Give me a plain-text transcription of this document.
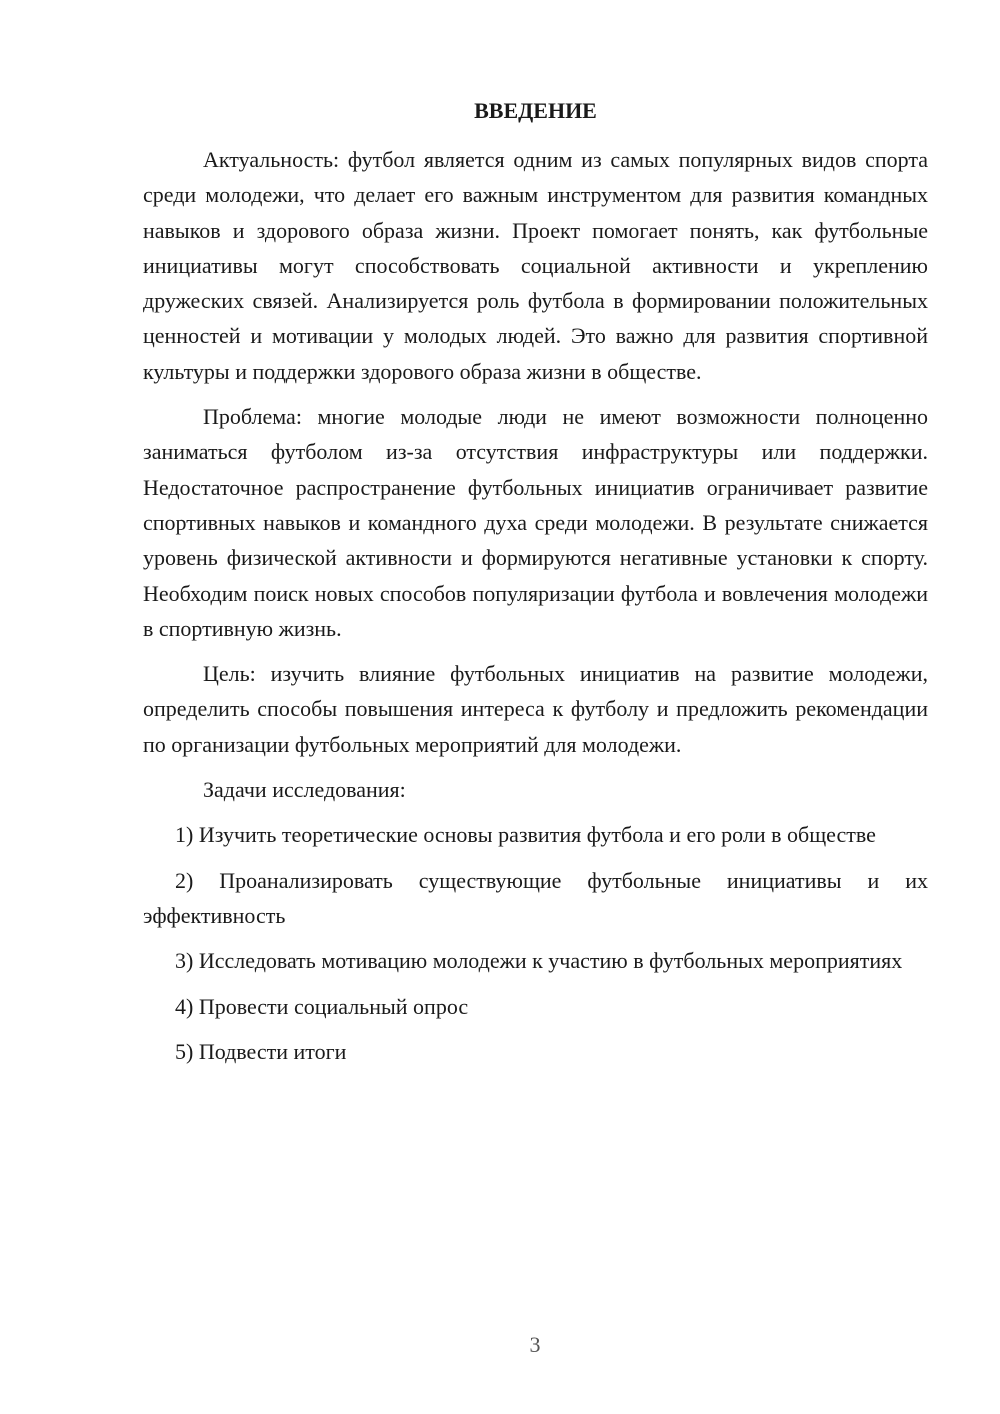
ВВЕДЕНИЕ

Актуальность: футбол является одним из самых популярных видов спорта среди молодежи, что делает его важным инструментом для развития командных навыков и здорового образа жизни. Проект помогает понять, как футбольные инициативы могут способствовать социальной активности и укреплению дружеских связей. Анализируется роль футбола в формировании положительных ценностей и мотивации у молодых людей. Это важно для развития спортивной культуры и поддержки здорового образа жизни в обществе.

Проблема: многие молодые люди не имеют возможности полноценно заниматься футболом из-за отсутствия инфраструктуры или поддержки. Недостаточное распространение футбольных инициатив ограничивает развитие спортивных навыков и командного духа среди молодежи. В результате снижается уровень физической активности и формируются негативные установки к спорту. Необходим поиск новых способов популяризации футбола и вовлечения молодежи в спортивную жизнь.

Цель: изучить влияние футбольных инициатив на развитие молодежи, определить способы повышения интереса к футболу и предложить рекомендации по организации футбольных мероприятий для молодежи.

Задачи исследования:

1) Изучить теоретические основы развития футбола и его роли в обществе

2) Проанализировать существующие футбольные инициативы и их эффективность

3) Исследовать мотивацию молодежи к участию в футбольных мероприятиях

4) Провести социальный опрос

5) Подвести итоги

3
